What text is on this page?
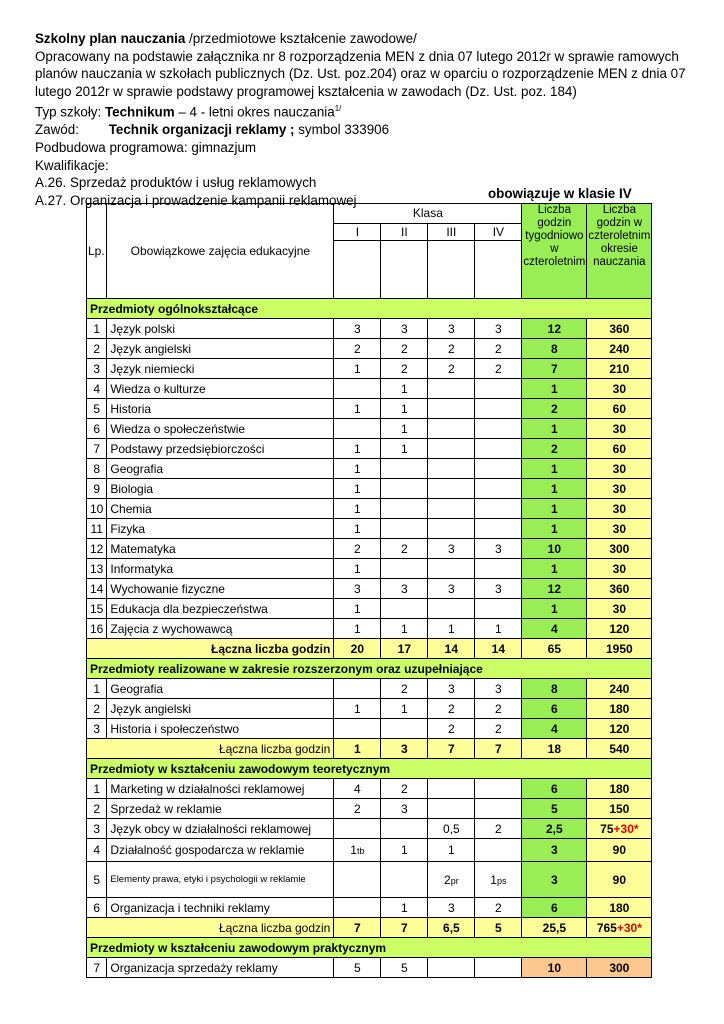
Szkolny plan nauczania /przedmiotowe kształcenie zawodowe/

Opracowany na podstawie załącznika nr 8 rozporządzenia MEN z dnia 07 lutego 2012r w sprawie ramowych

planów nauczania w szkołach publicznych (Dz. Ust. poz.204) oraz w oparciu o rozporządzenie MEN z dnia 07

lutego 2012r w sprawie podstawy programowej kształcenia w zawodach (Dz. Ust. poz. 184)

Typ szkoły: Technikum – 4 - letni okres nauczania$^{1/}$

Zawód: Technik organizacji reklamy ; symbol 333906

Podbudowa programowa: gimnazjum

Kwalifikacje:

A.26. Sprzedaż produktów i usług reklamowych

A.27. Organizacja i prowadzenie kampanii reklamowej	obowiązuje w klasie IV
Lp.	Obowiązkowe zajęcia edukacyjne	Klasa				Liczba godzin tygodniowo w czteroletnim	Liczba godzin w czteroletnim okresie nauczania
		I	II	III	IV		

Przedmioty ogólnokształcące							
1	Język polski	3	3	3	3	12	360
2	Język angielski	2	2	2	2	8	240
3	Język niemiecki	1	2	2	2	7	210
4	Wiedza o kulturze		1			1	30
5	Historia	1	1			2	60
6	Wiedza o społeczeństwie		1			1	30
7	Podstawy przedsiębiorczości	1	1			2	60
8	Geografia	1				1	30
9	Biologia	1				1	30
10	Chemia	1				1	30
11	Fizyka	1				1	30
12	Matematyka	2	2	3	3	10	300
13	Informatyka	1				1	30
14	Wychowanie fizyczne	3	3	3	3	12	360
15	Edukacja dla bezpieczeństwa	1				1	30
16	Zajęcia z wychowawcą	1	1	1	1	4	120
Łączna liczba godzin		20	17	14	14	65	1950
Przedmioty realizowane w zakresie rozszerzonym oraz uzupełniające							
1	Geografia		2	3	3	8	240
2	Język angielski	1	1	2	2	6	180
3	Historia i społeczeństwo			2	2	4	120
Łączna liczba godzin		1	3	7	7	18	540
Przedmioty w kształceniu zawodowym teoretycznym							
1	Marketing w działalności reklamowej	4	2			6	180
2	Sprzedaż w reklamie	2	3			5	150
3	Język obcy w działalności reklamowej			0,5	2	2,5	75+30*
4	Działalność gospodarcza w reklamie	1tb	1	1		3	90
5	Elementy prawa, etyki i psychologii w reklamie			2pr	1ps	3	90
6	Organizacja i techniki reklamy		1	3	2	6	180
Łączna liczba godzin		7	7	6,5	5	25,5	765+30*
Przedmioty w kształceniu zawodowym praktycznym							
7	Organizacja sprzedaży reklamy	5	5			10	300
